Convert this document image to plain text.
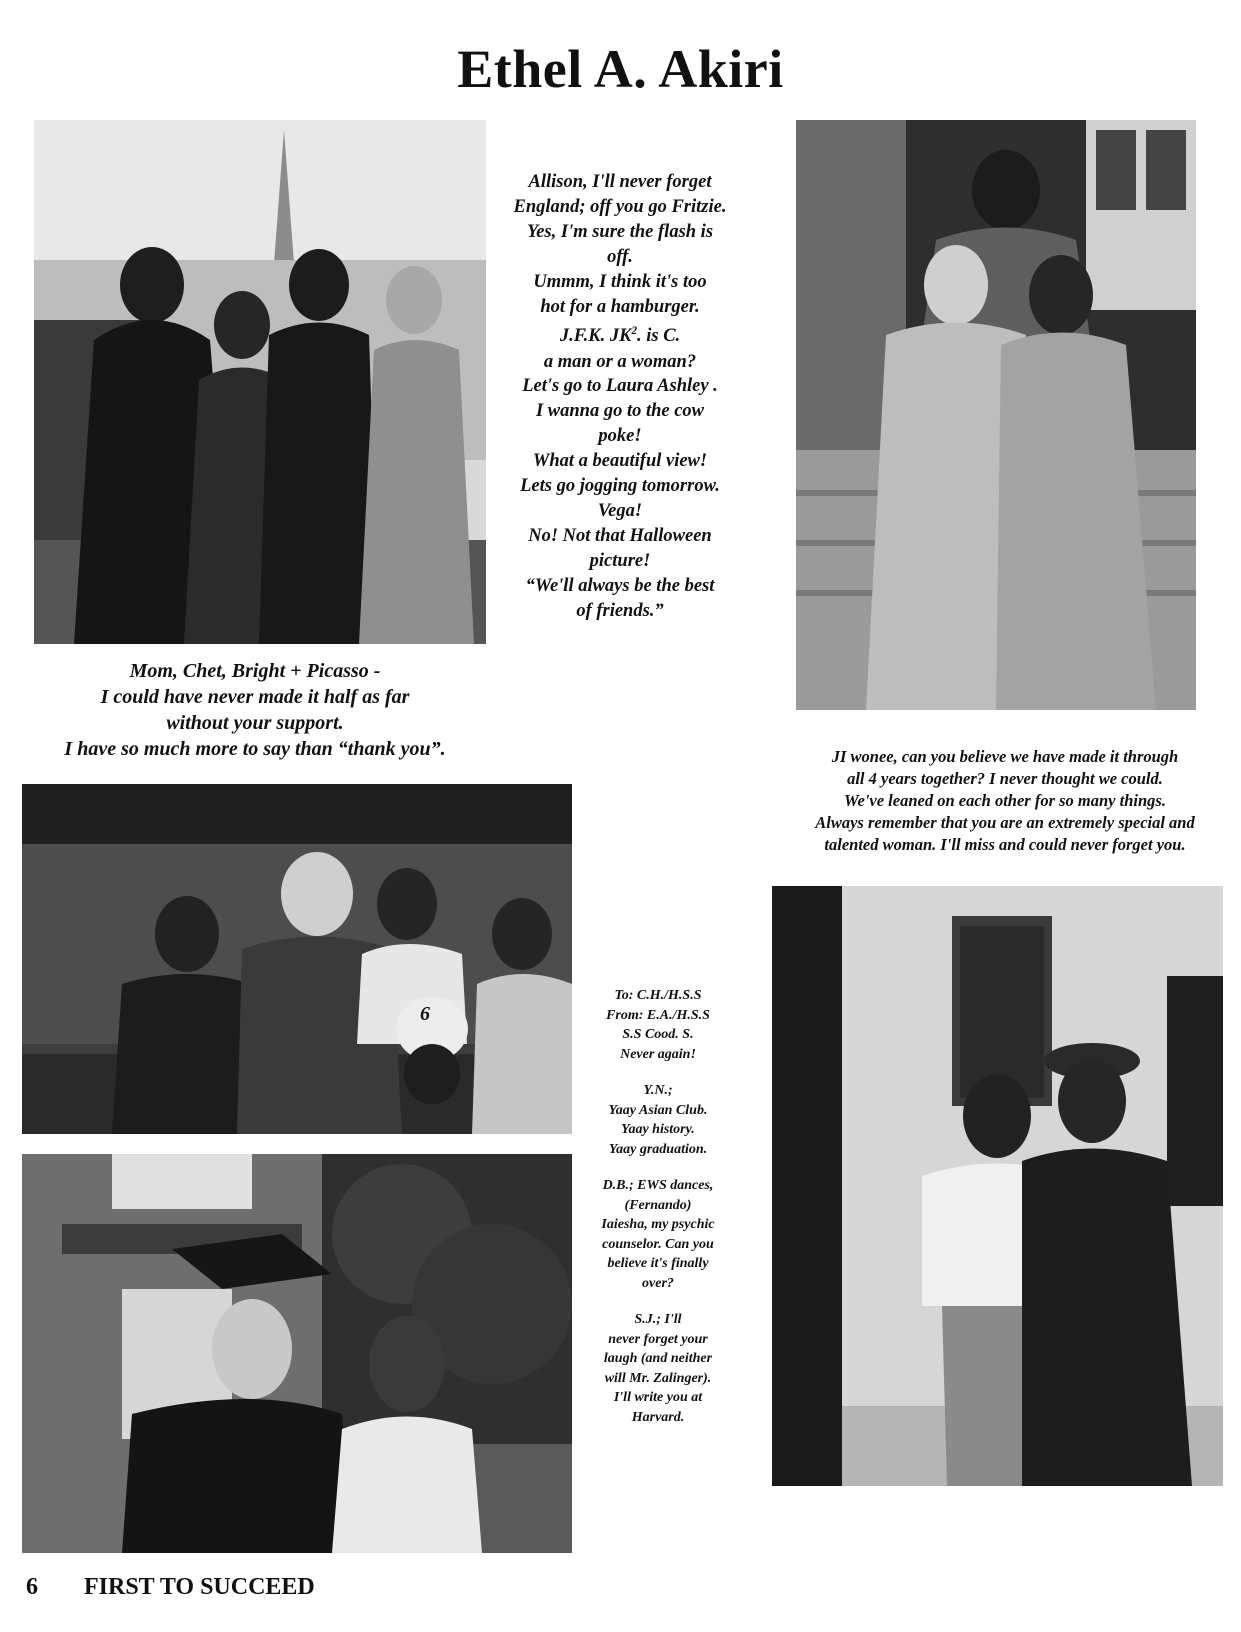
Ethel A. Akiri
6
Allison, I'll never forget
England; off you go Fritzie.
Yes, I'm sure the flash is
off.
Ummm, I think it's too
hot for a hamburger.
J.F.K. $JK^2$. is C.
a man or a woman?
Let's go to Laura Ashley .
I wanna go to the cow
poke!
What a beautiful view!
Lets go jogging tomorrow.
Vega!
No! Not that Halloween
picture!
“We'll always be the best
of friends.”
Mom, Chet, Bright + Picasso -
I could have never made it half as far
without your support.
I have so much more to say than “thank you”.	JI wonee, can you believe we have made it through
all 4 years together? I never thought we could.
We've leaned on each other for so many things.
Always remember that you are an extremely special and
talented woman. I'll miss and could never forget you.
To: C.H./H.S.S
From: E.A./H.S.S
S.S Cood. S.
Never again!
Y.N.;
Yaay Asian Club.
Yaay history.
Yaay graduation.
D.B.; EWS dances,
(Fernando)
Iaiesha, my psychic
counselor. Can you
believe it's finally
over?
S.J.; I'll
never forget your
laugh (and neither
will Mr. Zalinger).
I'll write you at
Harvard.
6 FIRST TO SUCCEED
